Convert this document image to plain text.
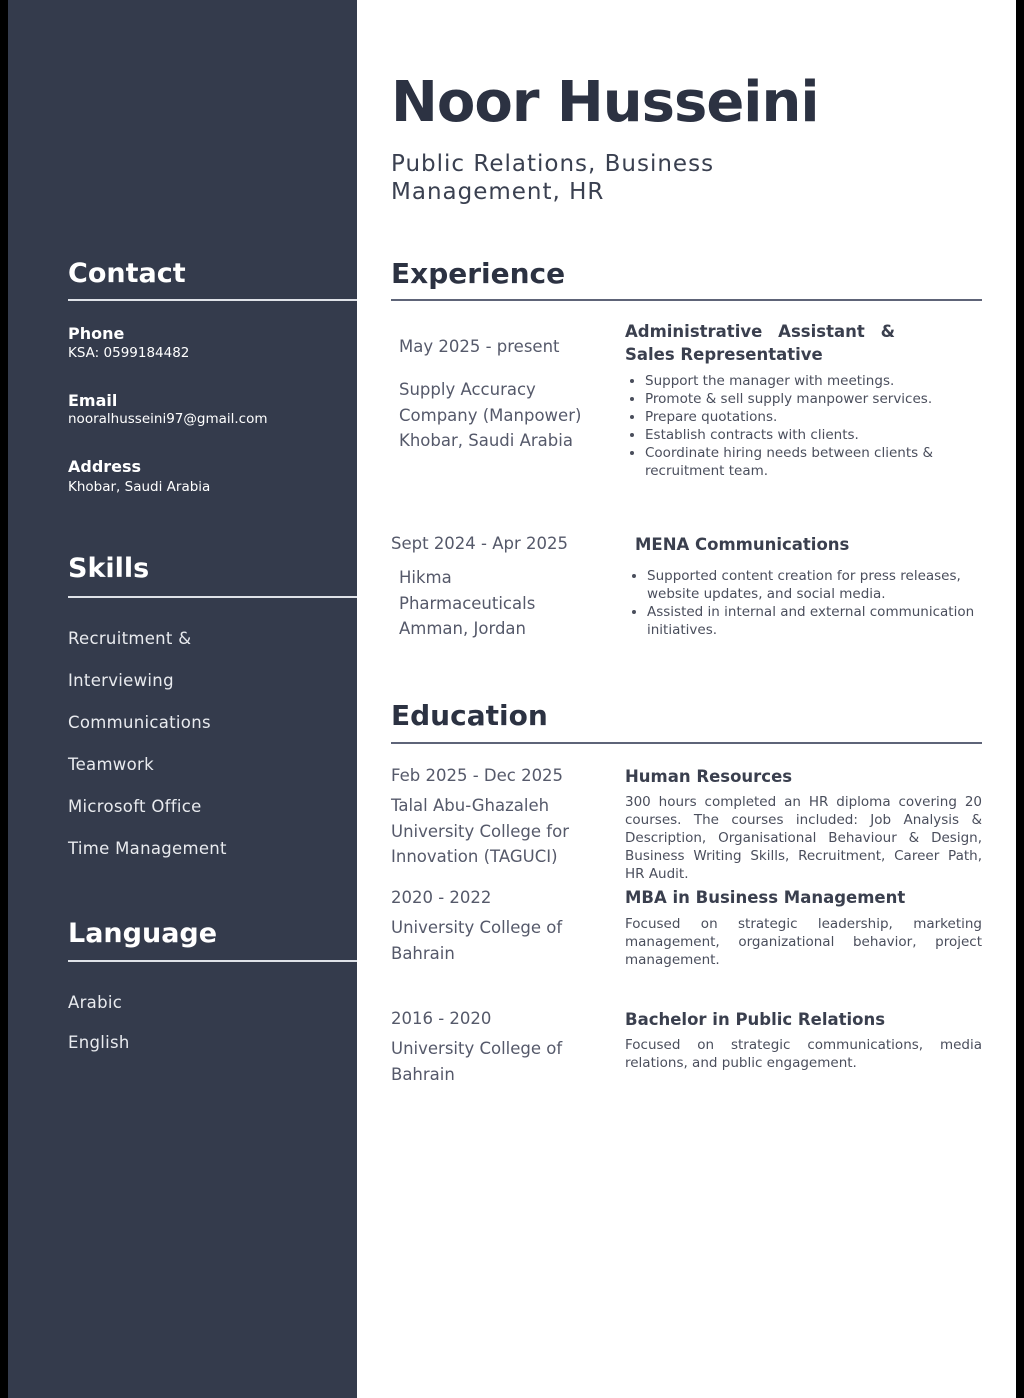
Contact
Phone
KSA: 0599184482
Email
nooralhusseini97@gmail.com
Address
Khobar, Saudi Arabia
Skills
Recruitment &
Interviewing
Communications
Teamwork
Microsoft Office
Time Management
Language
Arabic
English
Noor Husseini
Public Relations, Business Management, HR
Experience
May 2025 - present
Supply Accuracy Company (Manpower) Khobar, Saudi Arabia
Administrative Assistant & Sales Representative
• Support the manager with meetings.
• Promote & sell supply manpower services.
• Prepare quotations.
• Establish contracts with clients.
• Coordinate hiring needs between clients & recruitment team.
Sept 2024 - Apr 2025
Hikma Pharmaceuticals Amman, Jordan
MENA Communications
• Supported content creation for press releases, website updates, and social media.
• Assisted in internal and external communication initiatives.
Education
Feb 2025 - Dec 2025
Talal Abu-Ghazaleh University College for Innovation (TAGUCI)
Human Resources
300 hours completed an HR diploma covering 20 courses. The courses included: Job Analysis & Description, Organisational Behaviour & Design, Business Writing Skills, Recruitment, Career Path, HR Audit.
2020 - 2022
University College of Bahrain
MBA in Business Management
Focused on strategic leadership, marketing management, organizational behavior, project management.
2016 - 2020
University College of Bahrain
Bachelor in Public Relations
Focused on strategic communications, media relations, and public engagement.
